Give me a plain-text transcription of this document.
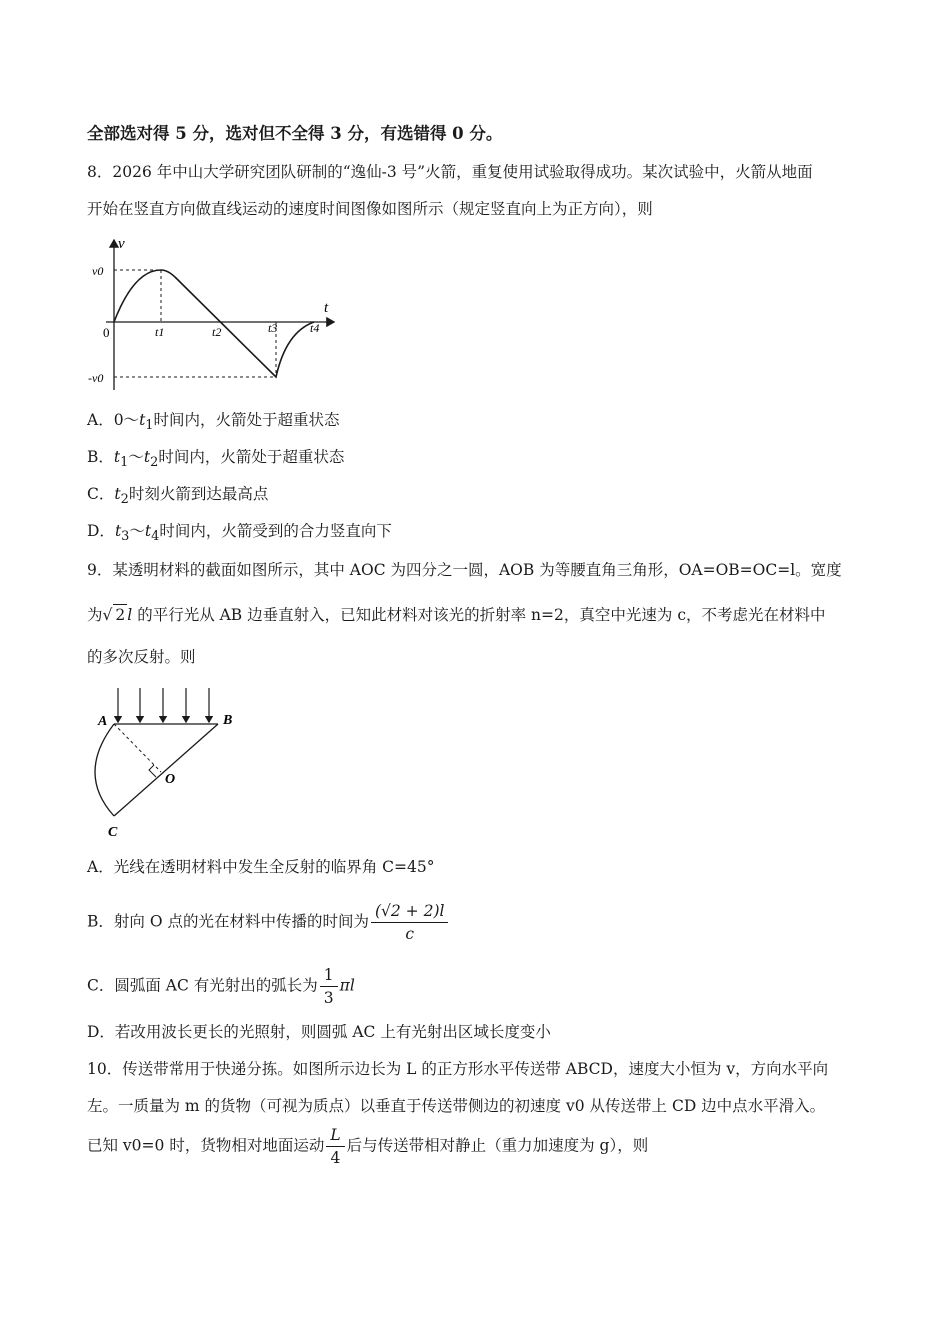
全部选对得 5 分，选对但不全得 3 分，有选错得 0 分。
8．2026 年中山大学研究团队研制的“逸仙-3 号”火箭，重复使用试验取得成功。某次试验中，火箭从地面
开始在竖直方向做直线运动的速度时间图像如图所示（规定竖直向上为正方向），则
v
t
v0
-v0
0	t1	t2	t3	t4
A．$0\sim t_1$时间内，火箭处于超重状态
B．$t_1\sim t_2$时间内，火箭处于超重状态
C．$t_2$时刻火箭到达最高点
D．$t_3\sim t_4$时间内，火箭受到的合力竖直向下
9．某透明材料的截面如图所示，其中 AOC 为四分之一圆，AOB 为等腰直角三角形，OA=OB=OC=l。宽度
为√ 2 l 的平行光从 AB 边垂直射入，已知此材料对该光的折射率 n=2，真空中光速为 c，不考虑光在材料中
的多次反射。则
A	B
O
C
A．光线在透明材料中发生全反射的临界角 C=45°
B．射向 O 点的光在材料中传播的时间为 $\frac{(√2 + 2)l}{c}$
C．圆弧面 AC 有光射出的弧长为 $\frac{1}{3}$ πl
D．若改用波长更长的光照射，则圆弧 AC 上有光射出区域长度变小
10．传送带常用于快递分拣。如图所示边长为 L 的正方形水平传送带 ABCD，速度大小恒为 v，方向水平向
左。一质量为 m 的货物（可视为质点）以垂直于传送带侧边的初速度 v0 从传送带上 CD 边中点水平滑入。
已知 v0=0 时，货物相对地面运动 $\frac{L}{4}$ 后与传送带相对静止（重力加速度为 g），则
